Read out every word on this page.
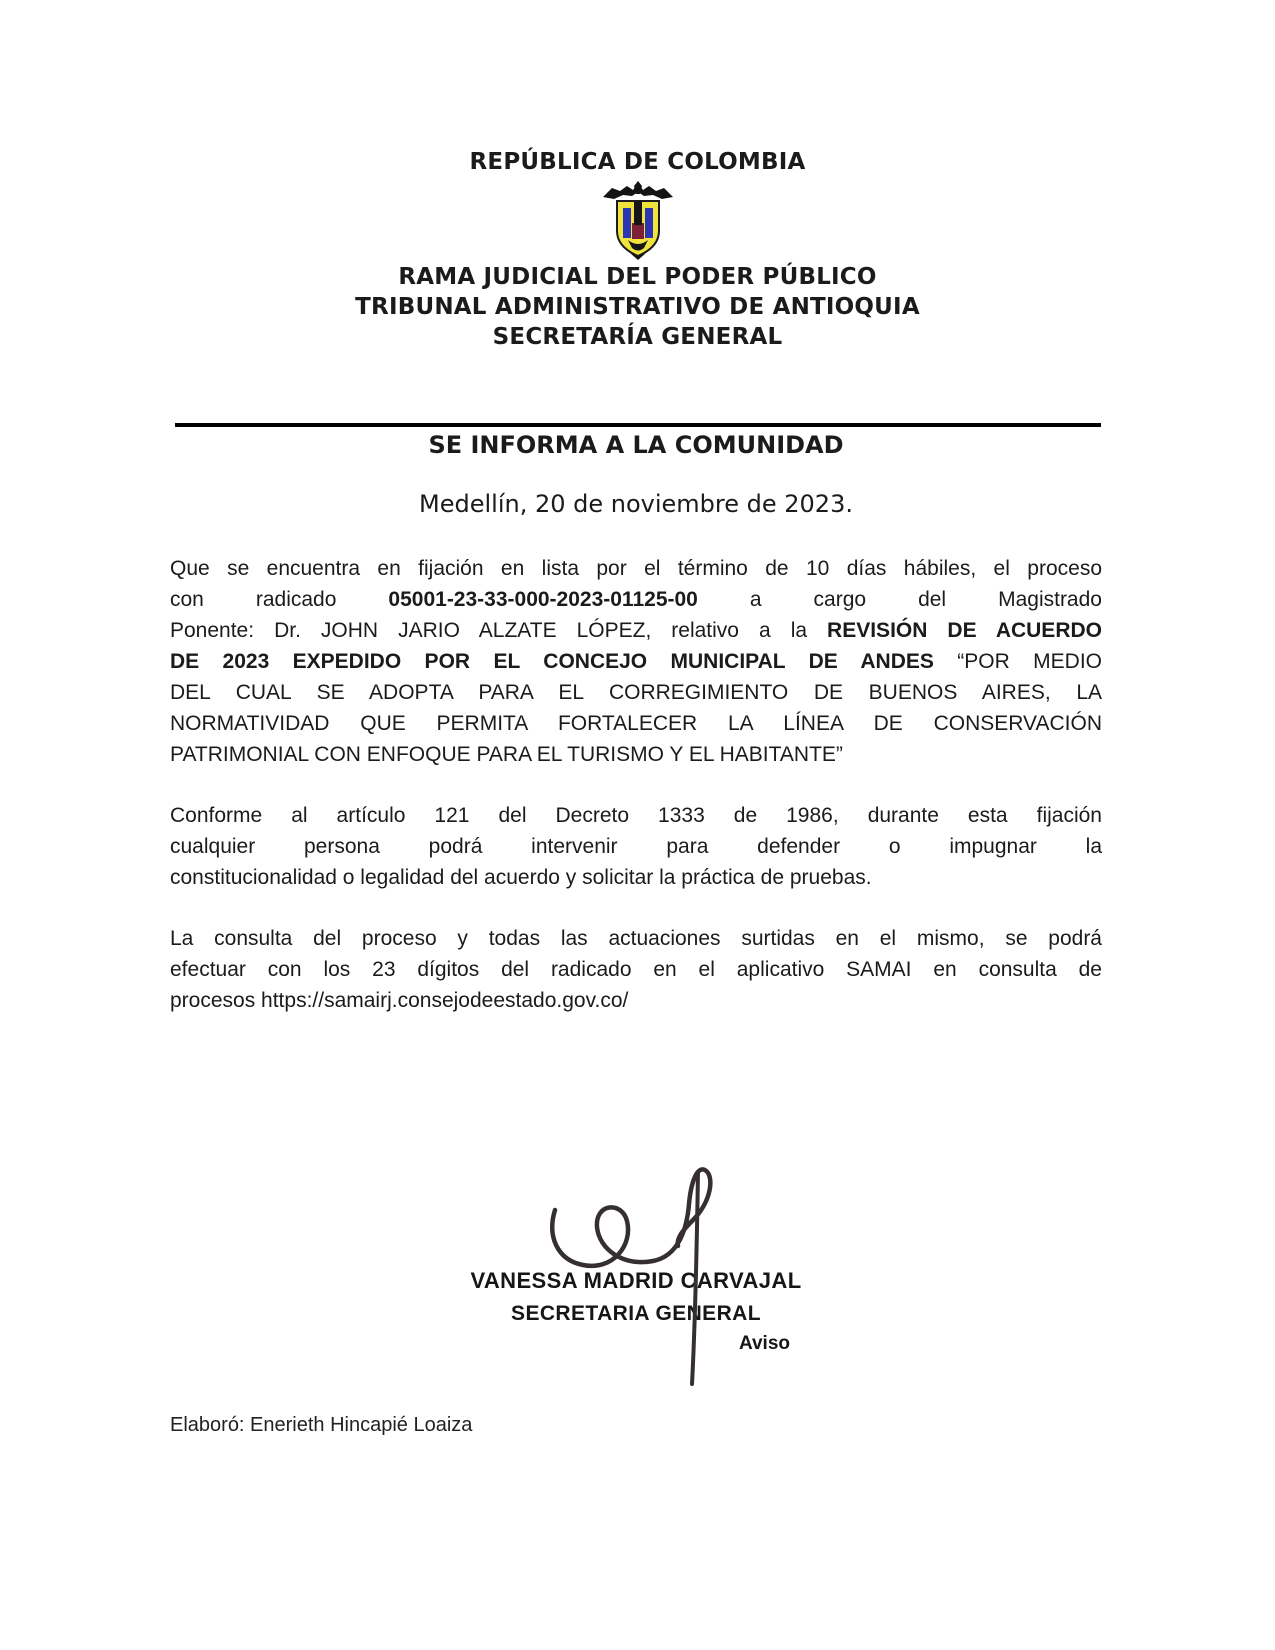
REPÚBLICA DE COLOMBIA
RAMA JUDICIAL DEL PODER PÚBLICO
TRIBUNAL ADMINISTRATIVO DE ANTIOQUIA
SECRETARÍA GENERAL
SE INFORMA A LA COMUNIDAD
Medellín, 20 de noviembre de 2023.
Que se encuentra en fijación en lista por el término de 10 días hábiles, el proceso
con radicado 05001-23-33-000-2023-01125-00 a cargo del Magistrado
Ponente: Dr. JOHN JARIO ALZATE LÓPEZ, relativo a la REVISIÓN DE ACUERDO
DE 2023 EXPEDIDO POR EL CONCEJO MUNICIPAL DE ANDES “POR MEDIO
DEL CUAL SE ADOPTA PARA EL CORREGIMIENTO DE BUENOS AIRES, LA
NORMATIVIDAD QUE PERMITA FORTALECER LA LÍNEA DE CONSERVACIÓN
PATRIMONIAL CON ENFOQUE PARA EL TURISMO Y EL HABITANTE”
Conforme al artículo 121 del Decreto 1333 de 1986, durante esta fijación
cualquier persona podrá intervenir para defender o impugnar la
constitucionalidad o legalidad del acuerdo y solicitar la práctica de pruebas.
La consulta del proceso y todas las actuaciones surtidas en el mismo, se podrá
efectuar con los 23 dígitos del radicado en el aplicativo SAMAI en consulta de
procesos https://samairj.consejodeestado.gov.co/
VANESSA MADRID CARVAJAL
SECRETARIA GENERAL
Aviso
Elaboró: Enerieth Hincapié Loaiza
